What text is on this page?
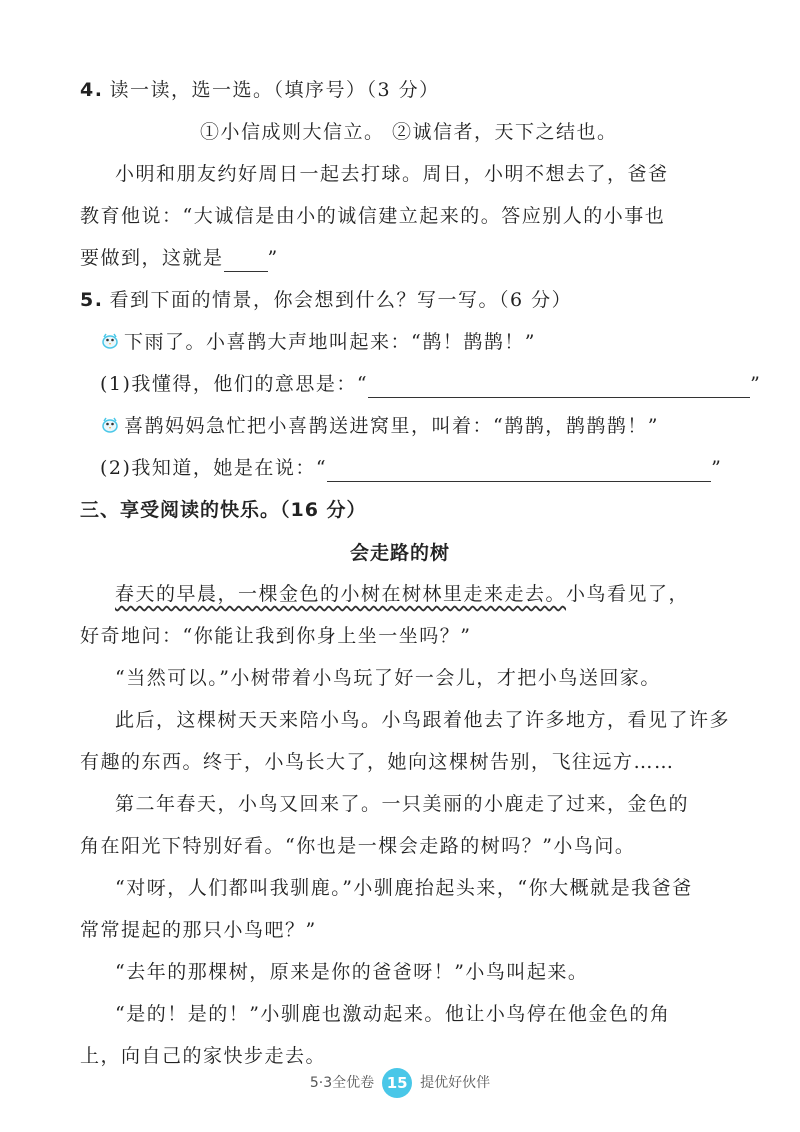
4. 读一读，选一选。（填序号）（3 分）
①小信成则大信立。 ②诚信者，天下之结也。
小明和朋友约好周日一起去打球。周日，小明不想去了，爸爸
教育他说：“大诚信是由小的诚信建立起来的。答应别人的小事也
要做到，这就是 ”
5. 看到下面的情景，你会想到什么？写一写。（6 分）
下雨了。小喜鹊大声地叫起来：“鹊！鹊鹊！”
(1)我懂得，他们的意思是：“	”
喜鹊妈妈急忙把小喜鹊送进窝里，叫着：“鹊鹊，鹊鹊鹊！”
(2)我知道，她是在说：“	”
三、享受阅读的快乐。（16 分）
会走路的树
春天的早晨，一棵金色的小树在树林里走来走去。小鸟看见了，
好奇地问：“你能让我到你身上坐一坐吗？”
“当然可以。”小树带着小鸟玩了好一会儿，才把小鸟送回家。
此后，这棵树天天来陪小鸟。小鸟跟着他去了许多地方，看见了许多
有趣的东西。终于，小鸟长大了，她向这棵树告别，飞往远方……
第二年春天，小鸟又回来了。一只美丽的小鹿走了过来，金色的
角在阳光下特别好看。“你也是一棵会走路的树吗？”小鸟问。
“对呀，人们都叫我驯鹿。”小驯鹿抬起头来，“你大概就是我爸爸
常常提起的那只小鸟吧？”
“去年的那棵树，原来是你的爸爸呀！”小鸟叫起来。
“是的！是的！”小驯鹿也激动起来。他让小鸟停在他金色的角
上，向自己的家快步走去。
5·3全优卷 15 提优好伙伴
